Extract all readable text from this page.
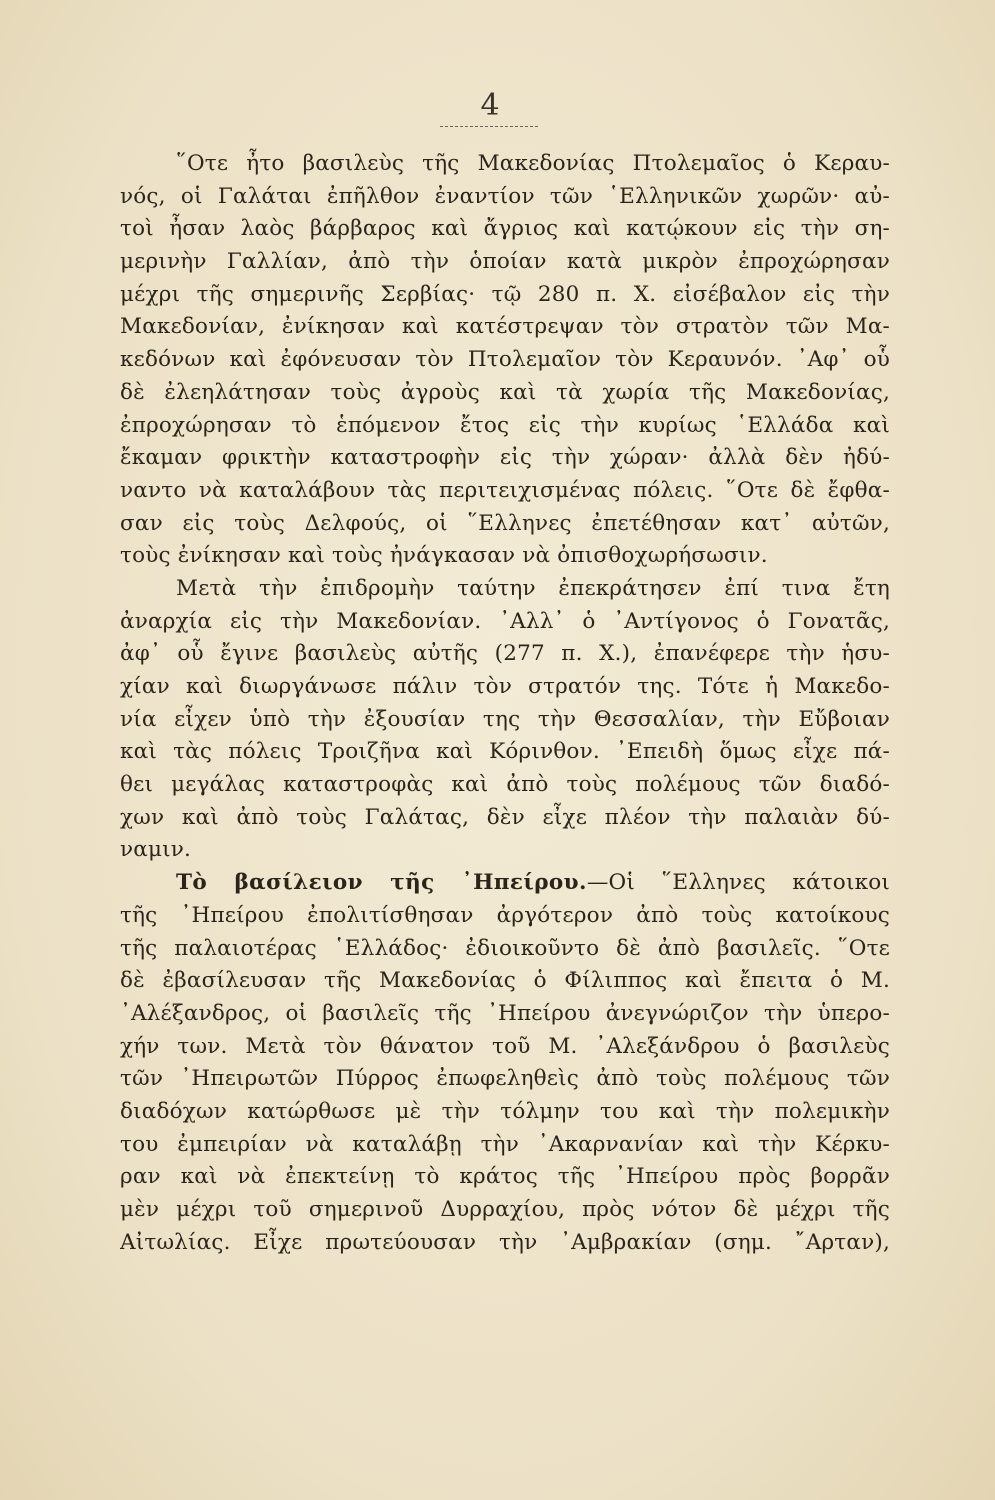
4
῞Οτε ἦτο βασιλεὺς τῆς Μακεδονίας Πτολεμαῖος ὁ Κεραυ-
νός, οἱ Γαλάται ἐπῆλθον ἐναντίον τῶν ῾Ελληνικῶν χωρῶν· αὐ-
τοὶ ἦσαν λαὸς βάρβαρος καὶ ἄγριος καὶ κατῴκουν εἰς τὴν ση-
μερινὴν Γαλλίαν, ἀπὸ τὴν ὁποίαν κατὰ μικρὸν ἐπροχώρησαν
μέχρι τῆς σημερινῆς Σερβίας· τῷ 280 π. Χ. εἰσέβαλον εἰς τὴν
Μακεδονίαν, ἐνίκησαν καὶ κατέστρεψαν τὸν στρατὸν τῶν Μα-
κεδόνων καὶ ἐφόνευσαν τὸν Πτολεμαῖον τὸν Κεραυνόν. ᾿Αφ᾿ οὗ
δὲ ἐλεηλάτησαν τοὺς ἀγροὺς καὶ τὰ χωρία τῆς Μακεδονίας,
ἐπροχώρησαν τὸ ἑπόμενον ἔτος εἰς τὴν κυρίως ῾Ελλάδα καὶ
ἔκαμαν φρικτὴν καταστροφὴν εἰς τὴν χώραν· ἀλλὰ δὲν ἠδύ-
ναντο νὰ καταλάβουν τὰς περιτειχισμένας πόλεις. ῞Οτε δὲ ἔφθα-
σαν εἰς τοὺς Δελφούς, οἱ ῞Ελληνες ἐπετέθησαν κατ᾿ αὐτῶν,
τοὺς ἐνίκησαν καὶ τοὺς ἠνάγκασαν νὰ ὀπισθοχωρήσωσιν.
Μετὰ τὴν ἐπιδρομὴν ταύτην ἐπεκράτησεν ἐπί τινα ἔτη
ἀναρχία εἰς τὴν Μακεδονίαν. ᾿Αλλ᾿ ὁ ᾿Αντίγονος ὁ Γονατᾶς,
ἀφ᾿ οὗ ἔγινε βασιλεὺς αὐτῆς (277 π. Χ.), ἐπανέφερε τὴν ἡσυ-
χίαν καὶ διωργάνωσε πάλιν τὸν στρατόν της. Τότε ἡ Μακεδο-
νία εἶχεν ὑπὸ τὴν ἐξουσίαν της τὴν Θεσσαλίαν, τὴν Εὔβοιαν
καὶ τὰς πόλεις Τροιζῆνα καὶ Κόρινθον. ᾿Επειδὴ ὅμως εἶχε πά-
θει μεγάλας καταστροφὰς καὶ ἀπὸ τοὺς πολέμους τῶν διαδό-
χων καὶ ἀπὸ τοὺς Γαλάτας, δὲν εἶχε πλέον τὴν παλαιὰν δύ-
ναμιν.
Τὸ βασίλειον τῆς ᾿Ηπείρου.—Οἱ ῞Ελληνες κάτοικοι
τῆς ᾿Ηπείρου ἐπολιτίσθησαν ἀργότερον ἀπὸ τοὺς κατοίκους
τῆς παλαιοτέρας ῾Ελλάδος· ἐδιοικοῦντο δὲ ἀπὸ βασιλεῖς. ῞Οτε
δὲ ἐβασίλευσαν τῆς Μακεδονίας ὁ Φίλιππος καὶ ἔπειτα ὁ Μ.
᾿Αλέξανδρος, οἱ βασιλεῖς τῆς ᾿Ηπείρου ἀνεγνώριζον τὴν ὑπερο-
χήν των. Μετὰ τὸν θάνατον τοῦ Μ. ᾿Αλεξάνδρου ὁ βασιλεὺς
τῶν ᾿Ηπειρωτῶν Πύρρος ἐπωφεληθεὶς ἀπὸ τοὺς πολέμους τῶν
διαδόχων κατώρθωσε μὲ τὴν τόλμην του καὶ τὴν πολεμικὴν
του ἐμπειρίαν νὰ καταλάβῃ τὴν ᾿Ακαρνανίαν καὶ τὴν Κέρκυ-
ραν καὶ νὰ ἐπεκτείνῃ τὸ κράτος τῆς ᾿Ηπείρου πρὸς βορρᾶν
μὲν μέχρι τοῦ σημερινοῦ Δυρραχίου, πρὸς νότον δὲ μέχρι τῆς
Αἰτωλίας. Εἶχε πρωτεύουσαν τὴν ᾿Αμβρακίαν (σημ. ῎Αρταν),
